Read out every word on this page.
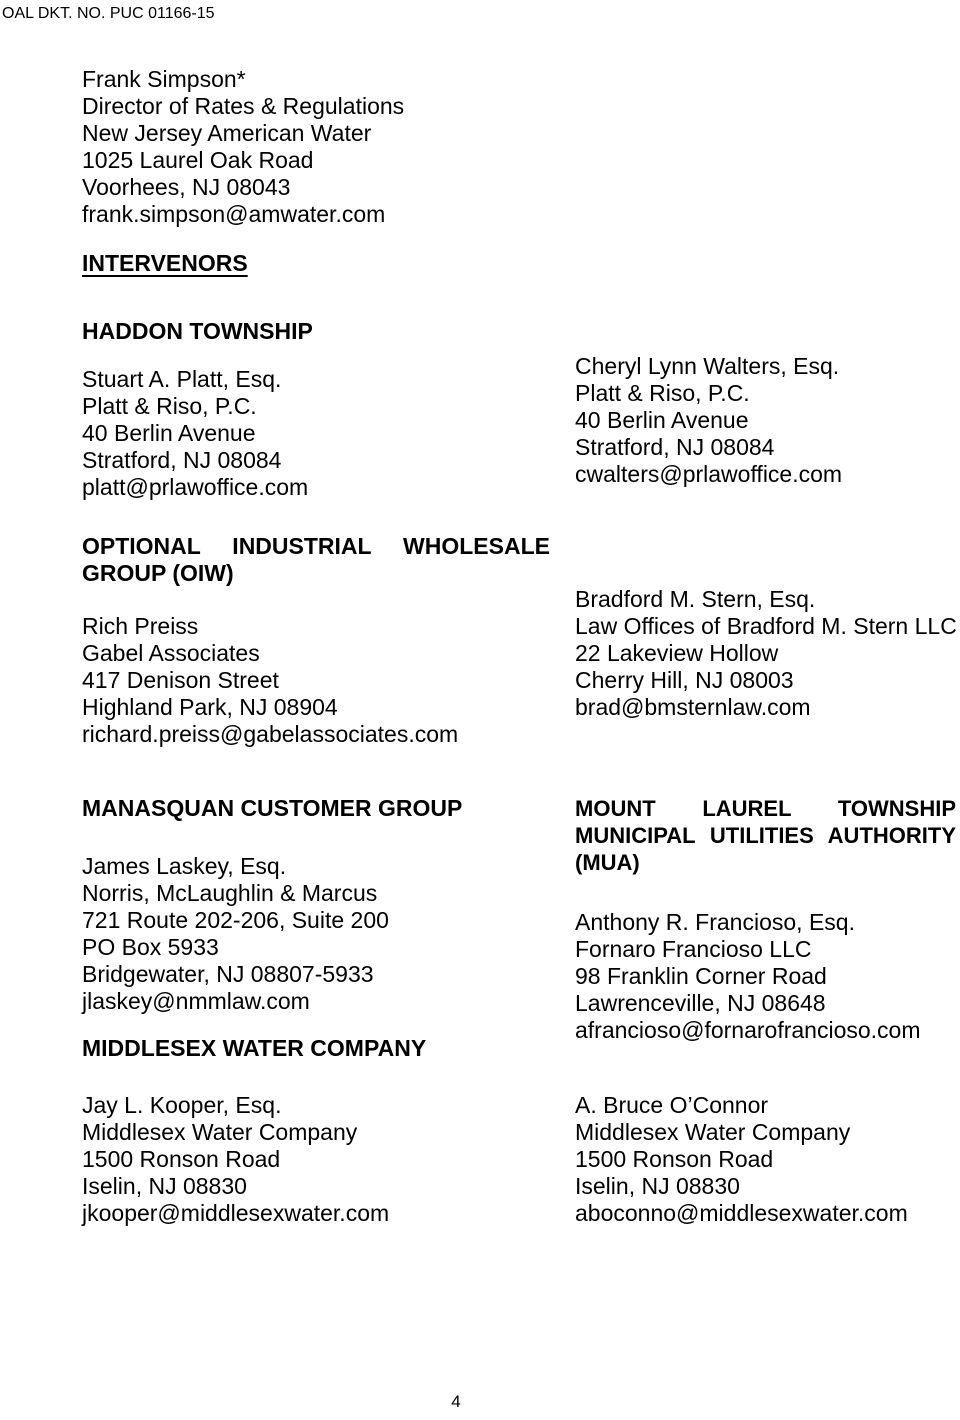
OAL DKT. NO. PUC 01166-15
Frank Simpson*
Director of Rates & Regulations
New Jersey American Water
1025 Laurel Oak Road
Voorhees, NJ 08043
frank.simpson@amwater.com
INTERVENORS
HADDON TOWNSHIP
Stuart A. Platt, Esq.
Platt & Riso, P.C.
40 Berlin Avenue
Stratford, NJ 08084
platt@prlawoffice.com
Cheryl Lynn Walters, Esq.
Platt & Riso, P.C.
40 Berlin Avenue
Stratford, NJ 08084
cwalters@prlawoffice.com
OPTIONAL INDUSTRIAL WHOLESALE
GROUP (OIW)
Bradford M. Stern, Esq.
Law Offices of Bradford M. Stern LLC
22 Lakeview Hollow
Cherry Hill, NJ 08003
brad@bmsternlaw.com
Rich Preiss
Gabel Associates
417 Denison Street
Highland Park, NJ 08904
richard.preiss@gabelassociates.com
MANASQUAN CUSTOMER GROUP	MOUNT LAUREL TOWNSHIP
MUNICIPAL UTILITIES AUTHORITY
(MUA)
James Laskey, Esq.
Norris, McLaughlin & Marcus
721 Route 202-206, Suite 200
PO Box 5933
Bridgewater, NJ 08807-5933
jlaskey@nmmlaw.com
Anthony R. Francioso, Esq.
Fornaro Francioso LLC
98 Franklin Corner Road
Lawrenceville, NJ 08648
afrancioso@fornarofrancioso.com
MIDDLESEX WATER COMPANY
Jay L. Kooper, Esq.
Middlesex Water Company
1500 Ronson Road
Iselin, NJ 08830
jkooper@middlesexwater.com
A. Bruce O’Connor
Middlesex Water Company
1500 Ronson Road
Iselin, NJ 08830
aboconno@middlesexwater.com
4
